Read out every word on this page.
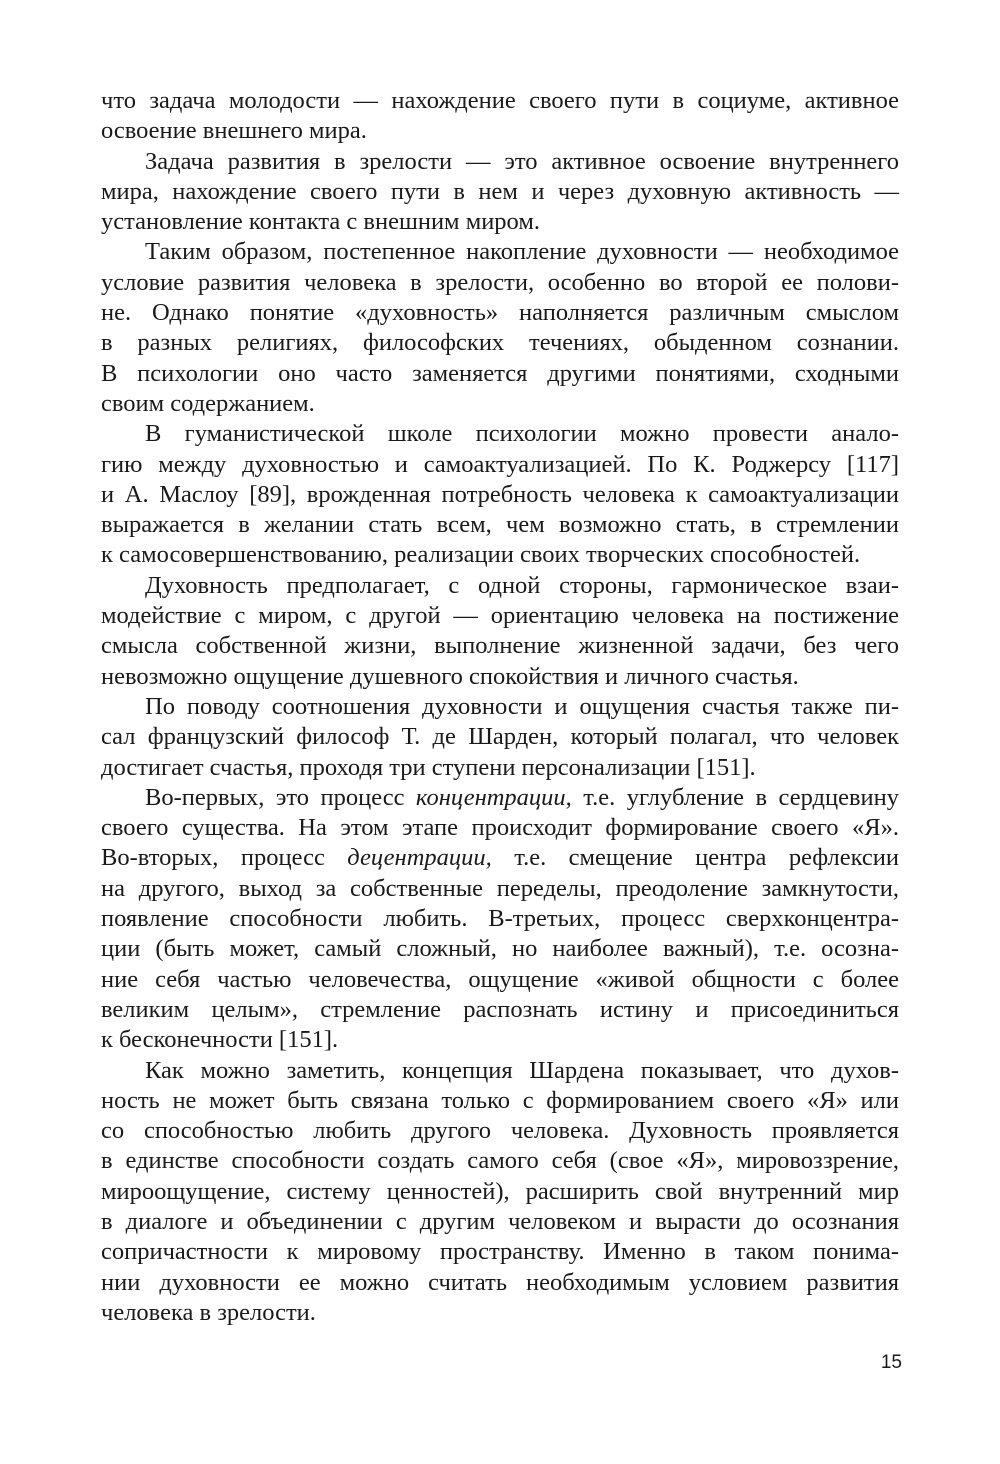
что задача молодости — нахождение своего пути в социуме, активное
освоение внешнего мира.
Задача развития в зрелости — это активное освоение внутреннего
мира, нахождение своего пути в нем и через духовную активность —
установление контакта с внешним миром.
Таким образом, постепенное накопление духовности — необходимое
условие развития человека в зрелости, особенно во второй ее полови-
не. Однако понятие «духовность» наполняется различным смыслом
в разных религиях, философских течениях, обыденном сознании.
В психологии оно часто заменяется другими понятиями, сходными
своим содержанием.
В гуманистической школе психологии можно провести анало-
гию между духовностью и самоактуализацией. По К. Роджерсу [117]
и А. Маслоу [89], врожденная потребность человека к самоактуализации
выражается в желании стать всем, чем возможно стать, в стремлении
к самосовершенствованию, реализации своих творческих способностей.
Духовность предполагает, с одной стороны, гармоническое взаи-
модействие с миром, с другой — ориентацию человека на постижение
смысла собственной жизни, выполнение жизненной задачи, без чего
невозможно ощущение душевного спокойствия и личного счастья.
По поводу соотношения духовности и ощущения счастья также пи-
сал французский философ Т. де Шарден, который полагал, что человек
достигает счастья, проходя три ступени персонализации [151].
Во-первых, это процесс концентрации, т.е. углубление в сердцевину
своего существа. На этом этапе происходит формирование своего «Я».
Во-вторых, процесс децентрации, т.е. смещение центра рефлексии
на другого, выход за собственные переделы, преодоление замкнутости,
появление способности любить. В-третьих, процесс сверхконцентра-
ции (быть может, самый сложный, но наиболее важный), т.е. осозна-
ние себя частью человечества, ощущение «живой общности с более
великим целым», стремление распознать истину и присоединиться
к бесконечности [151].
Как можно заметить, концепция Шардена показывает, что духов-
ность не может быть связана только с формированием своего «Я» или
со способностью любить другого человека. Духовность проявляется
в единстве способности создать самого себя (свое «Я», мировоззрение,
мироощущение, систему ценностей), расширить свой внутренний мир
в диалоге и объединении с другим человеком и вырасти до осознания
сопричастности к мировому пространству. Именно в таком понима-
нии духовности ее можно считать необходимым условием развития
человека в зрелости.
15
